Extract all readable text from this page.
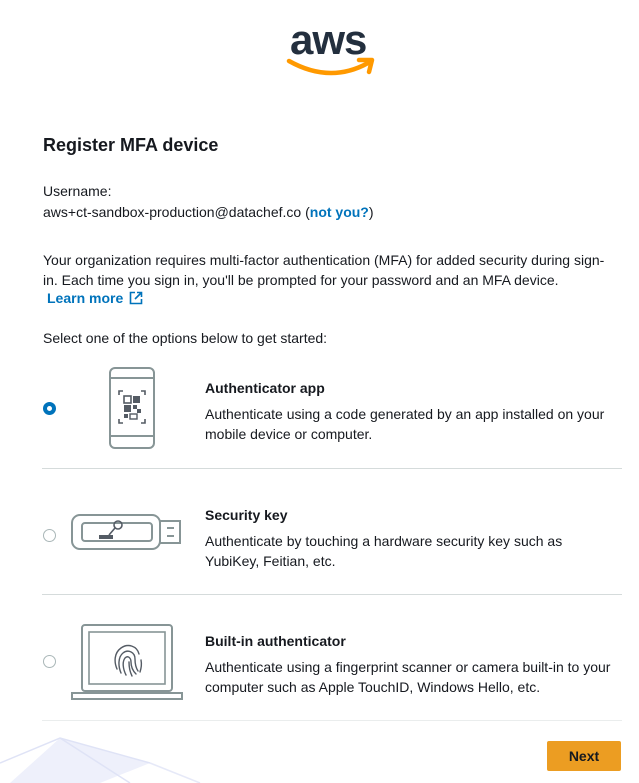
aws
Register MFA device
Username:
aws+ct-sandbox-production@datachef.co (not you?)
Your organization requires multi-factor authentication (MFA) for added security during sign-in. Each time you sign in, you'll be prompted for your password and an MFA device.
Learn more
Select one of the options below to get started:
Authenticator app
Authenticate using a code generated by an app installed on your mobile device or computer.
Security key
Authenticate by touching a hardware security key such as YubiKey, Feitian, etc.
Built-in authenticator
Authenticate using a fingerprint scanner or camera built-in to your computer such as Apple TouchID, Windows Hello, etc.
Next
